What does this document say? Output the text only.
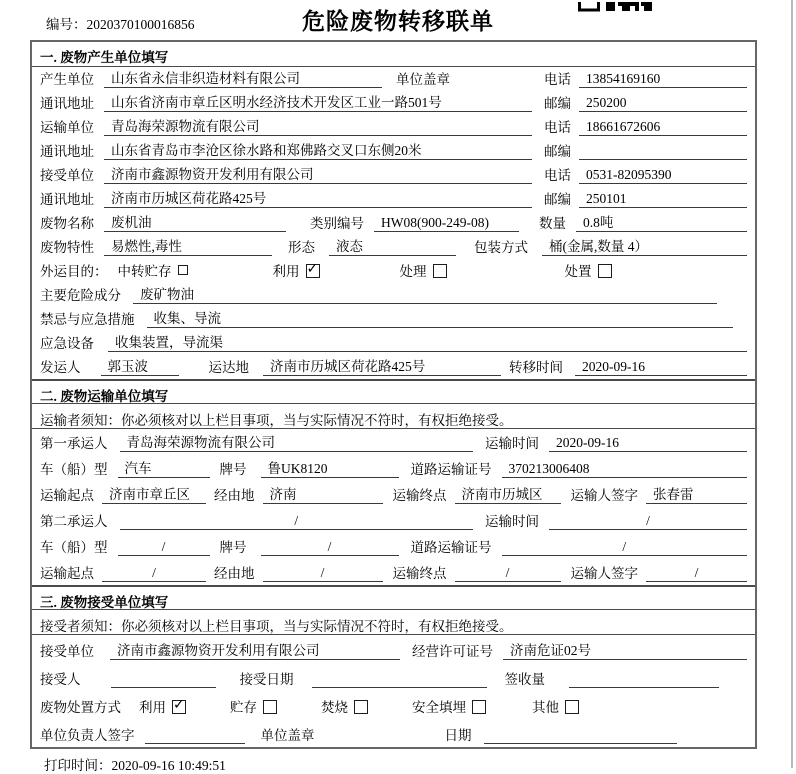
编号：2020370100016856	危险废物转移联单
一. 废物产生单位填写
产生单位	山东省永信非织造材料有限公司	单位盖章	电话	13854169160
通讯地址	山东省济南市章丘区明水经济技术开发区工业一路501号	邮编	250200
运输单位	青岛海荣源物流有限公司	电话	18661672606
通讯地址	山东省青岛市李沧区徐水路和郑佛路交叉口东侧20米	邮编
接受单位	济南市鑫源物资开发利用有限公司	电话	0531-82095390
通讯地址	济南市历城区荷花路425号	邮编	250101
废物名称	废机油	类别编号	HW08(900-249-08)	数量	0.8吨
废物特性	易燃性,毒性	形态	液态	包装方式	桶(金属,数量 4）
外运目的： 中转贮存	利用 ✓	处理	处置
主要危险成分	废矿物油
禁忌与应急措施	收集、导流
应急设备	收集装置，导流渠
发运人	郭玉波	运达地	济南市历城区荷花路425号	转移时间	2020-09-16
二. 废物运输单位填写
运输者须知：你必须核对以上栏目事项，当与实际情况不符时，有权拒绝接受。
第一承运人	青岛海荣源物流有限公司	运输时间	2020-09-16
车（船）型	汽车	牌号	鲁UK8120	道路运输证号	370213006408
运输起点	济南市章丘区	经由地	济南	运输终点	济南市历城区	运输人签字	张春雷
第二承运人	/	运输时间	/
车（船）型	/	牌号	/	道路运输证号	/
运输起点	/	经由地	/	运输终点	/	运输人签字	/
三. 废物接受单位填写
接受者须知：你必须核对以上栏目事项，当与实际情况不符时，有权拒绝接受。
接受单位	济南市鑫源物资开发利用有限公司	经营许可证号	济南危证02号
接受人	接受日期	签收量
废物处置方式 利用 ✓	贮存	焚烧	安全填埋	其他
单位负责人签字	单位盖章	日期
打印时间：2020-09-16 10:49:51
